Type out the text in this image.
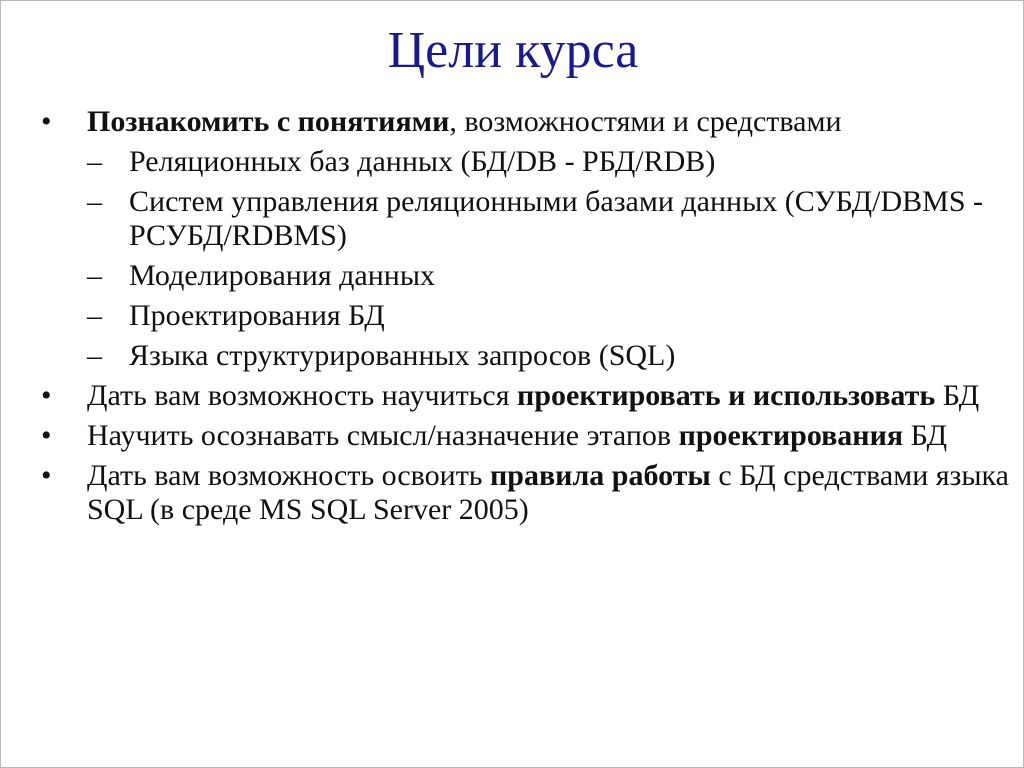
Цели курса
•	Познакомить с понятиями, возможностями и средствами
– Реляционных баз данных (БД/DB - РБД/RDB)
– Систем управления реляционными базами данных (СУБД/DBMS - РСУБД/RDBMS)
– Моделирования данных
– Проектирования БД
– Языка структурированных запросов (SQL)
•	Дать вам возможность научиться проектировать и использовать БД
•	Научить осознавать смысл/назначение этапов проектирования БД
•	Дать вам возможность освоить правила работы с БД средствами языка SQL (в среде MS SQL Server 2005)
